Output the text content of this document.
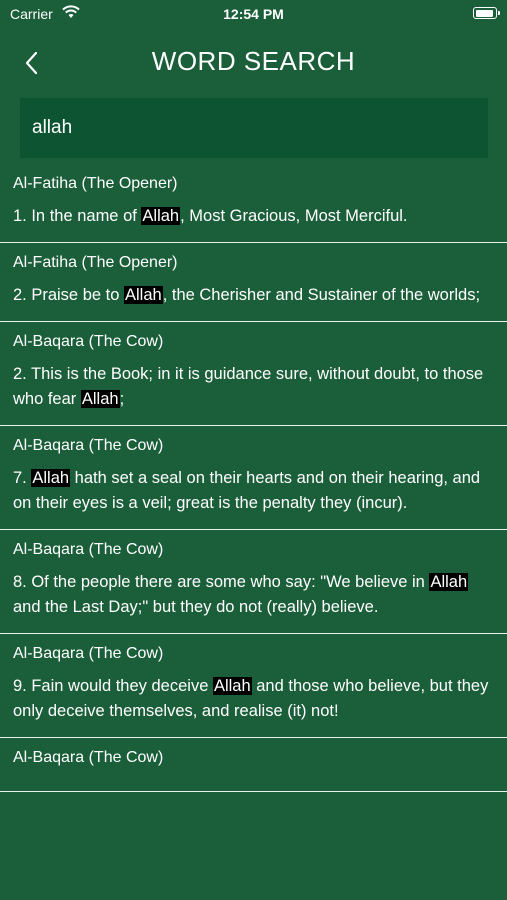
Carrier	12:54 PM
WORD SEARCH
allah
Al-Fatiha (The Opener)
1. In the name of Allah, Most Gracious, Most Merciful.
Al-Fatiha (The Opener)
2. Praise be to Allah, the Cherisher and Sustainer of the worlds;
Al-Baqara (The Cow)
2. This is the Book; in it is guidance sure, without doubt, to those who fear Allah;
Al-Baqara (The Cow)
7. Allah hath set a seal on their hearts and on their hearing, and on their eyes is a veil; great is the penalty they (incur).
Al-Baqara (The Cow)
8. Of the people there are some who say: "We believe in Allah and the Last Day;" but they do not (really) believe.
Al-Baqara (The Cow)
9. Fain would they deceive Allah and those who believe, but they only deceive themselves, and realise (it) not!
Al-Baqara (The Cow)
